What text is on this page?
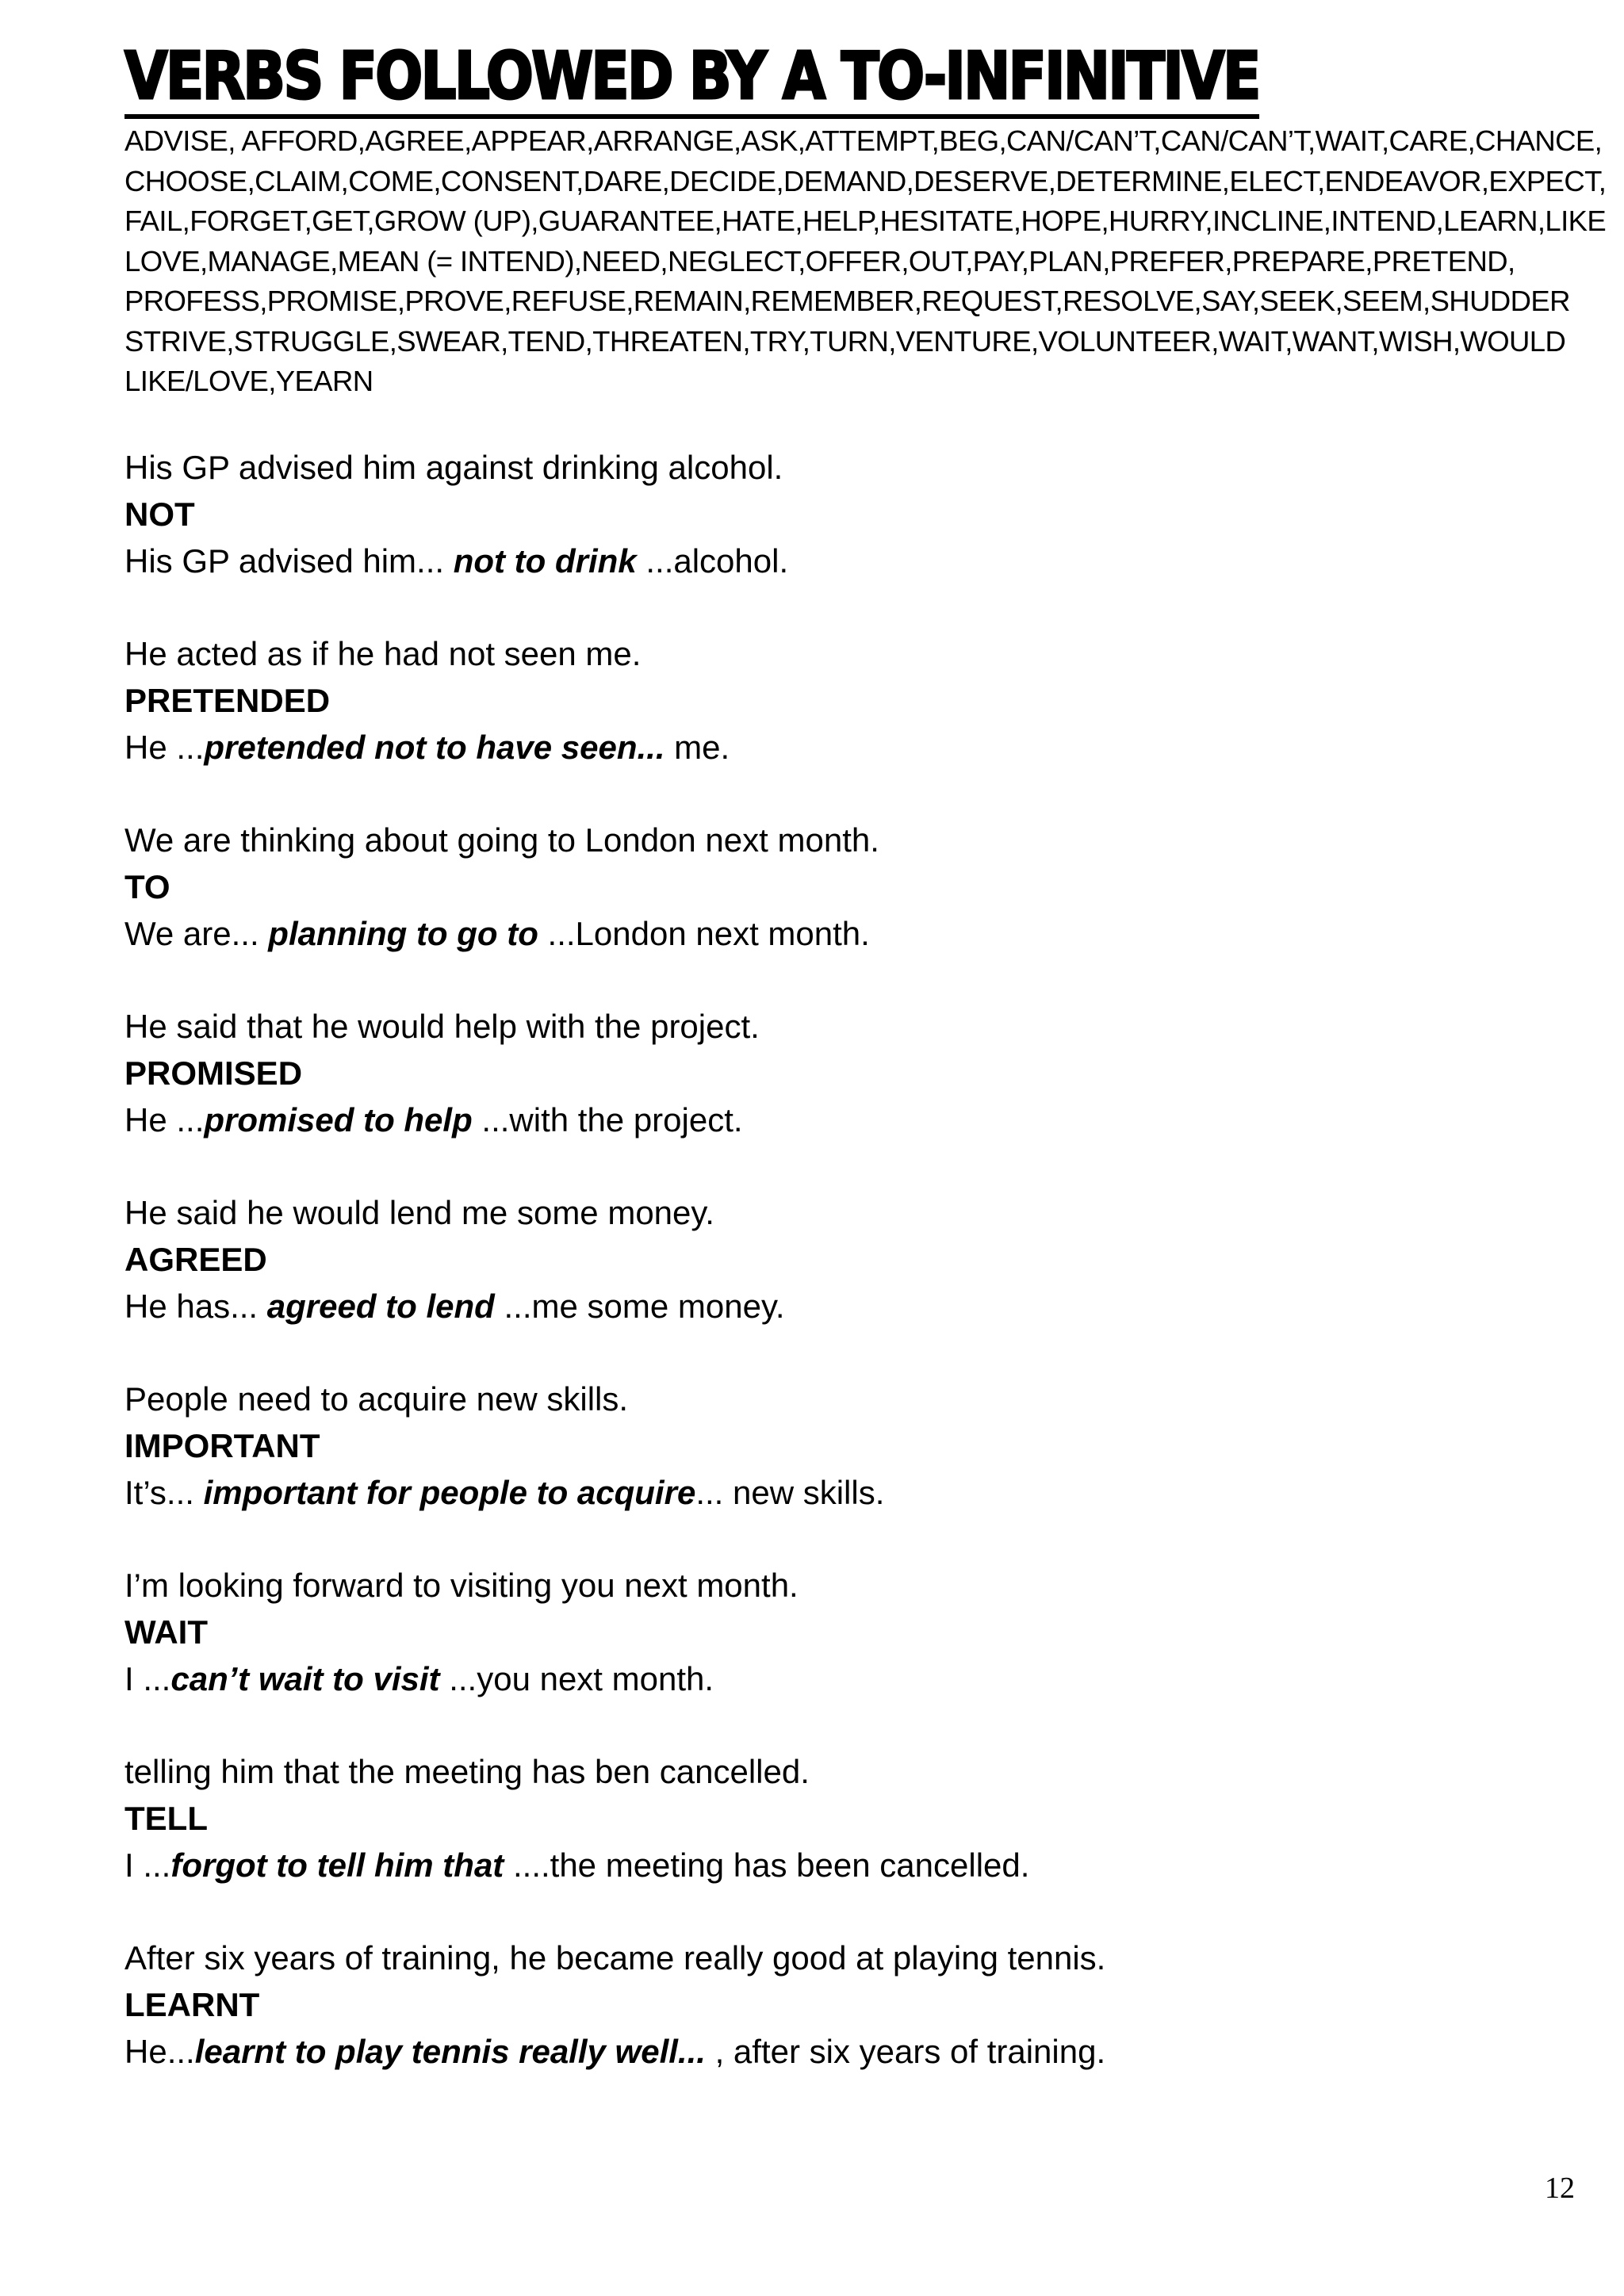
VERBS FOLLOWED BY A TO-INFINITIVE
ADVISE, AFFORD,AGREE,APPEAR,ARRANGE,ASK,ATTEMPT,BEG,CAN/CAN’T,CAN/CAN’T,WAIT,CARE,CHANCE,
CHOOSE,CLAIM,COME,CONSENT,DARE,DECIDE,DEMAND,DESERVE,DETERMINE,ELECT,ENDEAVOR,EXPECT,
FAIL,FORGET,GET,GROW (UP),GUARANTEE,HATE,HELP,HESITATE,HOPE,HURRY,INCLINE,INTEND,LEARN,LIKE
LOVE,MANAGE,MEAN (= INTEND),NEED,NEGLECT,OFFER,OUT,PAY,PLAN,PREFER,PREPARE,PRETEND,
PROFESS,PROMISE,PROVE,REFUSE,REMAIN,REMEMBER,REQUEST,RESOLVE,SAY,SEEK,SEEM,SHUDDER
STRIVE,STRUGGLE,SWEAR,TEND,THREATEN,TRY,TURN,VENTURE,VOLUNTEER,WAIT,WANT,WISH,WOULD
LIKE/LOVE,YEARN
His GP advised him against drinking alcohol.
NOT
His GP advised him... not to drink ...alcohol.
He acted as if he had not seen me.
PRETENDED
He ...pretended not to have seen... me.
We are thinking about going to London next month.
TO
We are... planning to go to ...London next month.
He said that he would help with the project.
PROMISED
He ...promised to help ...with the project.
He said he would lend me some money.
AGREED
He has... agreed to lend ...me some money.
People need to acquire new skills.
IMPORTANT
It’s... important for people to acquire... new skills.
I’m looking forward to visiting you next month.
WAIT
I ...can’t wait to visit ...you next month.
telling him that the meeting has ben cancelled.
TELL
I ...forgot to tell him that ....the meeting has been cancelled.
After six years of training, he became really good at playing tennis.
LEARNT
He...learnt to play tennis really well... , after six years of training.
12
